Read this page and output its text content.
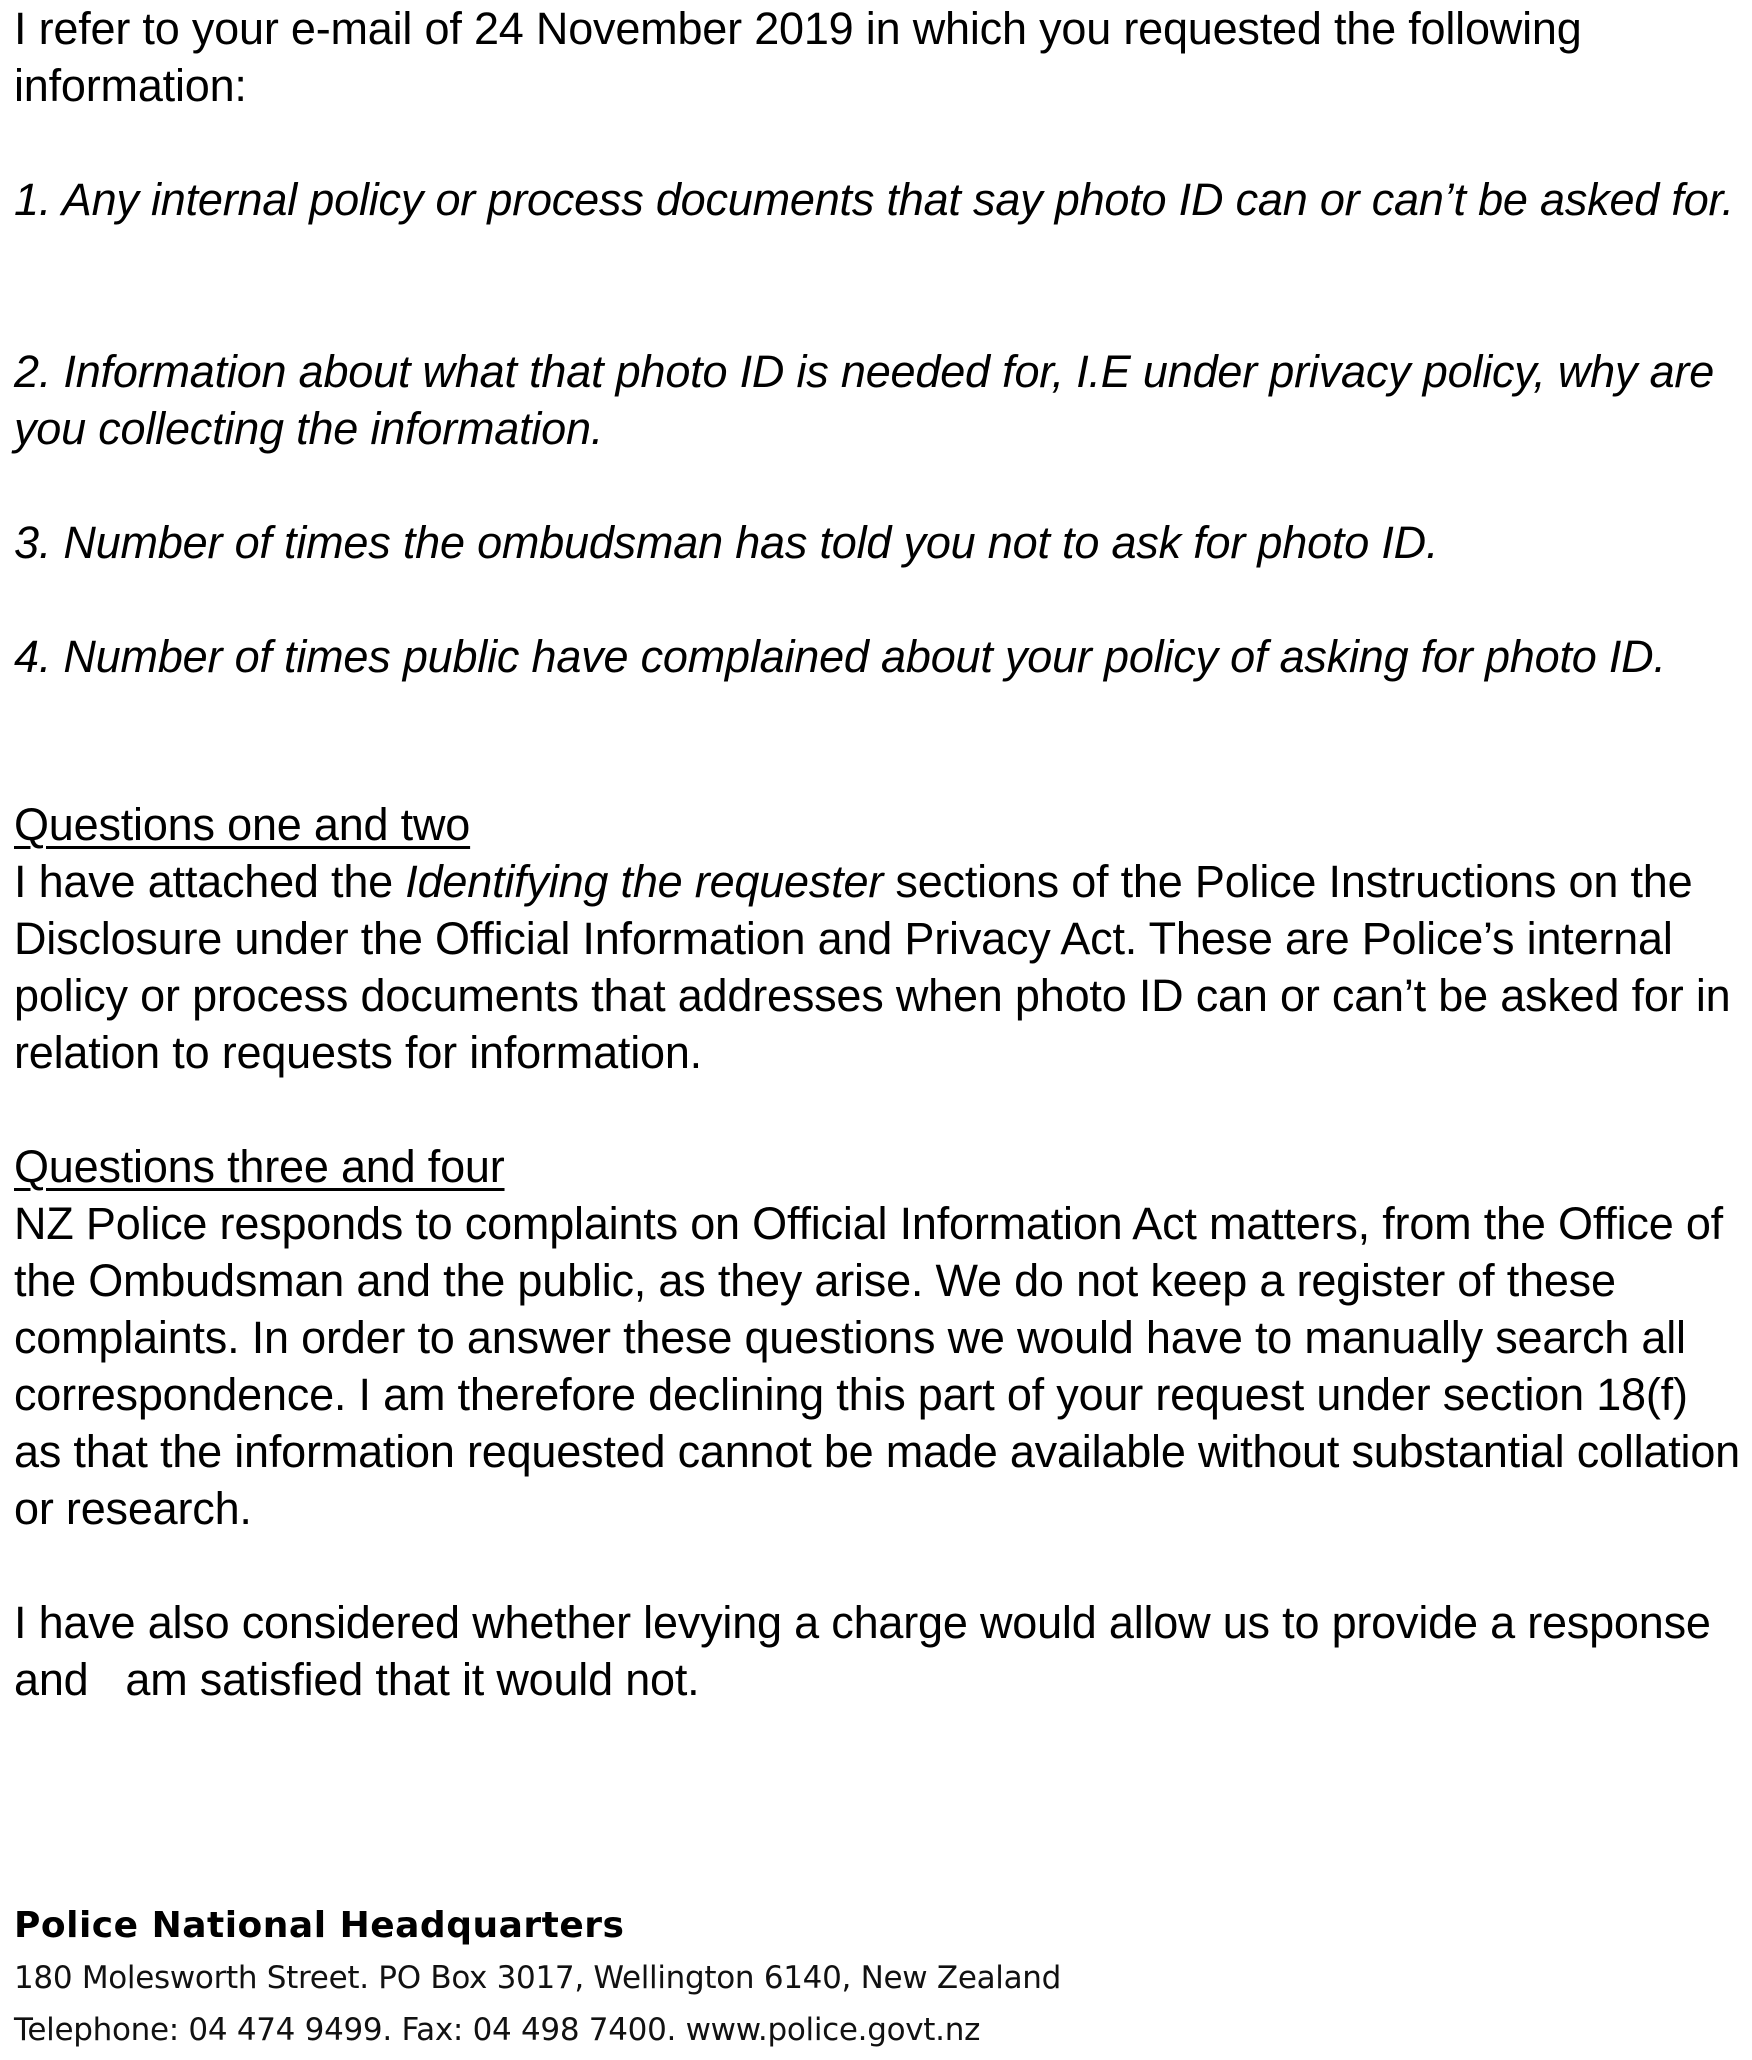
I refer to your e-mail of 24 November 2019 in which you requested the following information:

1. Any internal policy or process documents that say photo ID can or can’t be asked for.

2. Information about what that photo ID is needed for, I.E under privacy policy, why are you collecting the information.

3. Number of times the ombudsman has told you not to ask for photo ID.

4. Number of times public have complained about your policy of asking for photo ID.

Questions one and two

I have attached the Identifying the requester sections of the Police Instructions on the Disclosure under the Official Information and Privacy Act. These are Police’s internal policy or process documents that addresses when photo ID can or can’t be asked for in relation to requests for information.

Questions three and four

NZ Police responds to complaints on Official Information Act matters, from the Office of the Ombudsman and the public, as they arise. We do not keep a register of these complaints. In order to answer these questions we would have to manually search all correspondence. I am therefore declining this part of your request under section 18(f) as that the information requested cannot be made available without substantial collation or research.

I have also considered whether levying a charge would allow us to provide a response and   am satisfied that it would not.

Police National Headquarters

180 Molesworth Street. PO Box 3017, Wellington 6140, New Zealand

Telephone: 04 474 9499. Fax: 04 498 7400. www.police.govt.nz
